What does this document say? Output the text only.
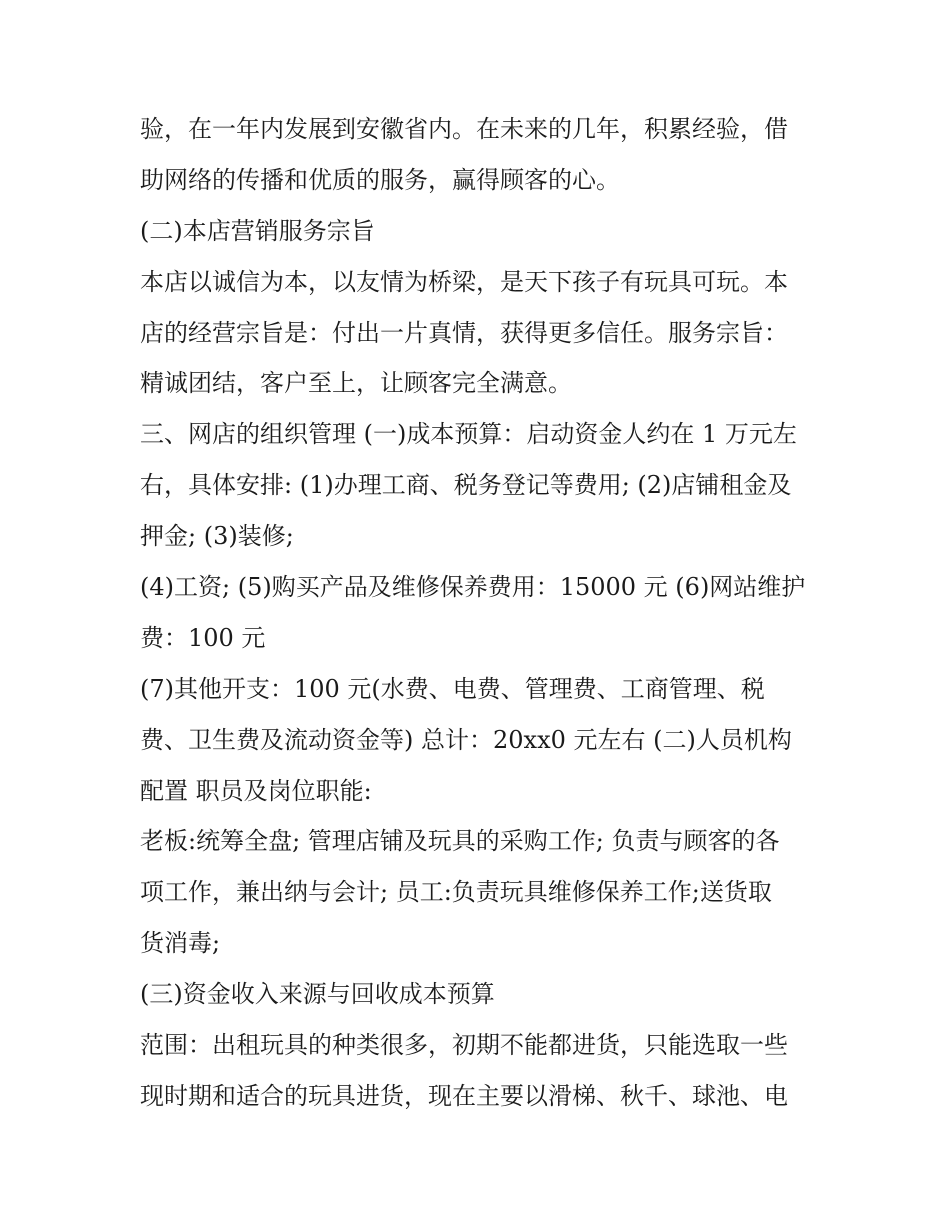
验，在一年内发展到安徽省内。在未来的几年，积累经验，借
助网络的传播和优质的服务，赢得顾客的心。
(二)本店营销服务宗旨
本店以诚信为本，以友情为桥梁，是天下孩子有玩具可玩。本
店的经营宗旨是：付出一片真情，获得更多信任。服务宗旨：
精诚团结，客户至上，让顾客完全满意。
三、网店的组织管理 (一)成本预算：启动资金人约在 1 万元左
右，具体安排: (1)办理工商、税务登记等费用; (2)店铺租金及
押金; (3)装修;
(4)工资; (5)购买产品及维修保养费用：15000 元 (6)网站维护
费：100 元
(7)其他开支：100 元(水费、电费、管理费、工商管理、税
费、卫生费及流动资金等) 总计：20xx0 元左右 (二)人员机构
配置 职员及岗位职能:
老板:统筹全盘; 管理店铺及玩具的采购工作; 负责与顾客的各
项工作，兼出纳与会计; 员工:负责玩具维修保养工作;送货取
货消毒;
(三)资金收入来源与回收成本预算
范围：出租玩具的种类很多，初期不能都进货，只能选取一些
现时期和适合的玩具进货，现在主要以滑梯、秋千、球池、电
